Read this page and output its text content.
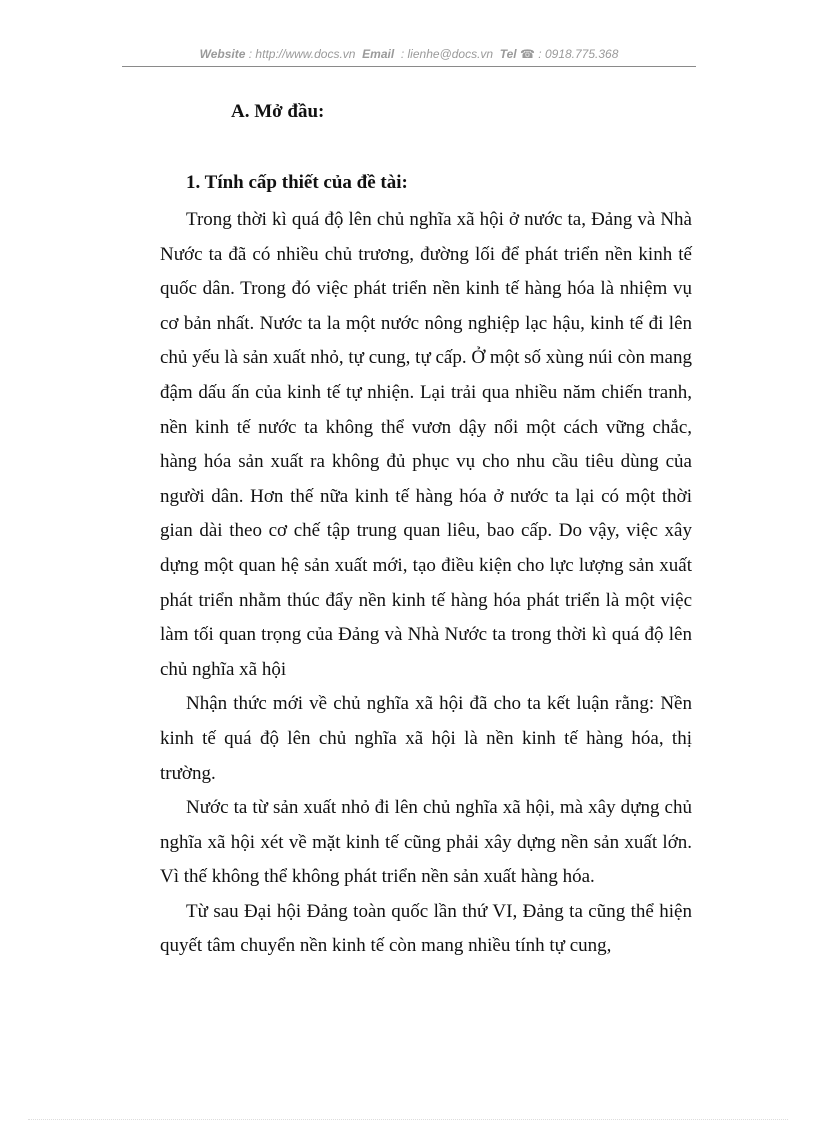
Website : http://www.docs.vn Email : lienhe@docs.vn Tel ☎ : 0918.775.368
A. Mở đầu:
1. Tính cấp thiết của đề tài:

Trong thời kì quá độ lên chủ nghĩa xã hội ở nước ta, Đảng và Nhà Nước ta đã có nhiều chủ trương, đường lối để phát triển nền kinh tế quốc dân. Trong đó việc phát triển nền kinh tế hàng hóa là nhiệm vụ cơ bản nhất. Nước ta la một nước nông nghiệp lạc hậu, kinh tế đi lên chủ yếu là sản xuất nhỏ, tự cung, tự cấp. Ở một số xùng núi còn mang đậm dấu ấn của kinh tế tự nhiện. Lại trải qua nhiều năm chiến tranh, nền kinh tế nước ta không thể vươn dậy nổi một cách vững chắc, hàng hóa sản xuất ra không đủ phục vụ cho nhu cầu tiêu dùng của người dân. Hơn thế nữa kinh tế hàng hóa ở nước ta lại có một thời gian dài theo cơ chế tập trung quan liêu, bao cấp. Do vậy, việc xây dựng một quan hệ sản xuất mới, tạo điều kiện cho lực lượng sản xuất phát triển nhằm thúc đẩy nền kinh tế hàng hóa phát triển là một việc làm tối quan trọng của Đảng và Nhà Nước ta trong thời kì quá độ lên chủ nghĩa xã hội

Nhận thức mới về chủ nghĩa xã hội đã cho ta kết luận rằng: Nền kinh tế quá độ lên chủ nghĩa xã hội là nền kinh tế hàng hóa, thị trường.

Nước ta từ sản xuất nhỏ đi lên chủ nghĩa xã hội, mà xây dựng chủ nghĩa xã hội xét về mặt kinh tế cũng phải xây dựng nền sản xuất lớn. Vì thế không thể không phát triển nền sản xuất hàng hóa.

Từ sau Đại hội Đảng toàn quốc lần thứ VI, Đảng ta cũng thể hiện quyết tâm chuyển nền kinh tế còn mang nhiều tính tự cung,
